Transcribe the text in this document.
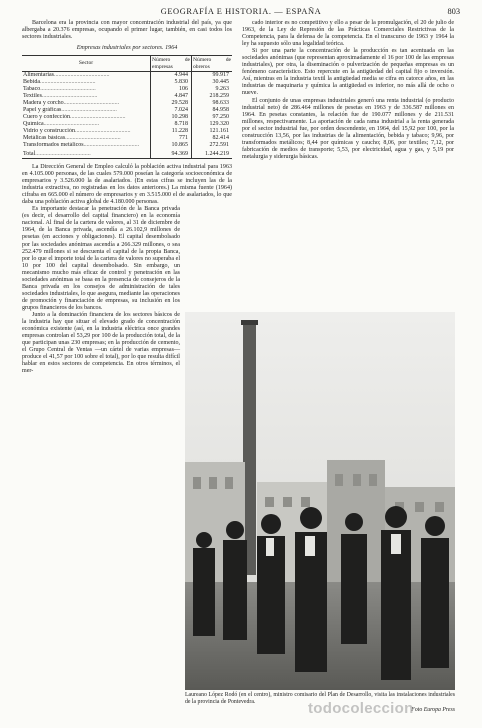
GEOGRAFÍA E HISTORIA. — ESPAÑA	803

Barcelona era la provincia con mayor concentración industrial del país, ya que albergaba a 20.376 empresas, ocupando el primer lugar, también, en casi todos los sectores industriales.

Empresas industriales por sectores. 1964
Sector	Número de empresas	Número de obreros
Alimentarias.....................................	4.944	99.917
Bebida.....................................	5.830	30.445
Tabaco.....................................	106	9.263
Textiles.....................................	4.847	218.259
Madera y corcho.....................................	29.528	98.633
Papel y gráficas.....................................	7.024	84.958
Cuero y confección.....................................	10.298	97.250
Química.....................................	8.718	129.320
Vidrio y construcción.....................................	11.228	121.161
Metálicas básicas.....................................	771	82.414
Transformados metálicos.....................................	10.865	272.591
Total.....................................	94.369	1.244.219

La Dirección General de Empleo calculó la población activa industrial para 1963 en 4.105.000 personas, de las cuales 579.000 poseían la categoría socioeconómica de empresarios y 3.526.000 la de asalariados. (En estas cifras se incluyen las de la industria extractiva, no registradas en los datos anteriores.) La misma fuente (1964) cifraba en 665.000 el número de empresarios y en 3.515.000 el de asalariados, lo que daba una población activa global de 4.180.000 personas.

Es importante destacar la penetración de la Banca privada (es decir, el desarrollo del capital financiero) en la economía nacional. Al final de la cartera de valores, al 31 de diciembre de 1964, de la Banca privada, ascendía a 26.102,9 millones de pesetas (en acciones y obligaciones). El capital desembolsado por las sociedades anónimas ascendía a 266.329 millones, o sea 252.479 millones si se descuenta el capital de la propia Banca, por lo que el importe total de la cartera de valores no superaba el 10 por 100 del capital desembolsado. Sin embargo, un mecanismo mucho más eficaz de control y penetración en las sociedades anónimas se basa en la presencia de consejeros de la Banca privada en los consejos de administración de tales sociedades industriales, lo que asegura, mediante las operaciones de promoción y financiación de empresas, su inclusión en los grupos financieros de los bancos.

Junto a la dominación financiera de los sectores básicos de la industria hay que situar el elevado grado de concentración económica existente (así, en la industria eléctrica once grandes empresas controlan el 53,29 por 100 de la producción total, de la que participan unas 230 empresas; en la producción de cemento, el Grupo Central de Ventas —un cártel de varias empresas— produce el 41,57 por 100 sobre el total), por lo que resulta difícil hablar en estos sectores de competencia. En otros términos, el mer-

cado interior es no competitivo y ello a pesar de la promulgación, el 20 de julio de 1963, de la Ley de Represión de las Prácticas Comerciales Restrictivas de la Competencia, para la defensa de la competencia. En el transcurso de 1963 y 1964 la ley ha supuesto sólo una legalidad teórica.

Si por una parte la concentración de la producción es tan acentuada en las sociedades anónimas (que representan aproximadamente el 16 por 100 de las empresas industriales), por otra, la diseminación o pulverización de pequeñas empresas es un fenómeno característico. Esto repercute en la antigüedad del capital fijo o inversión. Así, mientras en la industria textil la antigüedad media se cifra en catorce años, en las industrias de maquinaria y química la antigüedad es inferior, no más allá de ocho o nueve.

El conjunto de unas empresas industriales generó una renta industrial (o producto industrial neto) de 286.464 millones de pesetas en 1963 y de 336.587 millones en 1964. En pesetas constantes, la relación fue de 190.077 millones y de 211.531 millones, respectivamente. La aportación de cada rama industrial a la renta generada por el sector industrial fue, por orden descendente, en 1964, del 15,92 por 100, por la construcción 13,56, por las industrias de la alimentación, bebida y tabaco; 9,96, por transformados metálicos; 8,44 por químicas y caucho; 8,06, por textiles; 7,12, por fabricación de medios de transporte; 5,53, por electricidad, agua y gas, y 5,19 por metalurgia y siderurgia básicas.

Laureano López Rodó (en el centro), ministro comisario del Plan de Desarrollo, visita las instalaciones industriales de la provincia de Pontevedra.
Foto Europa Press
todocoleccion
